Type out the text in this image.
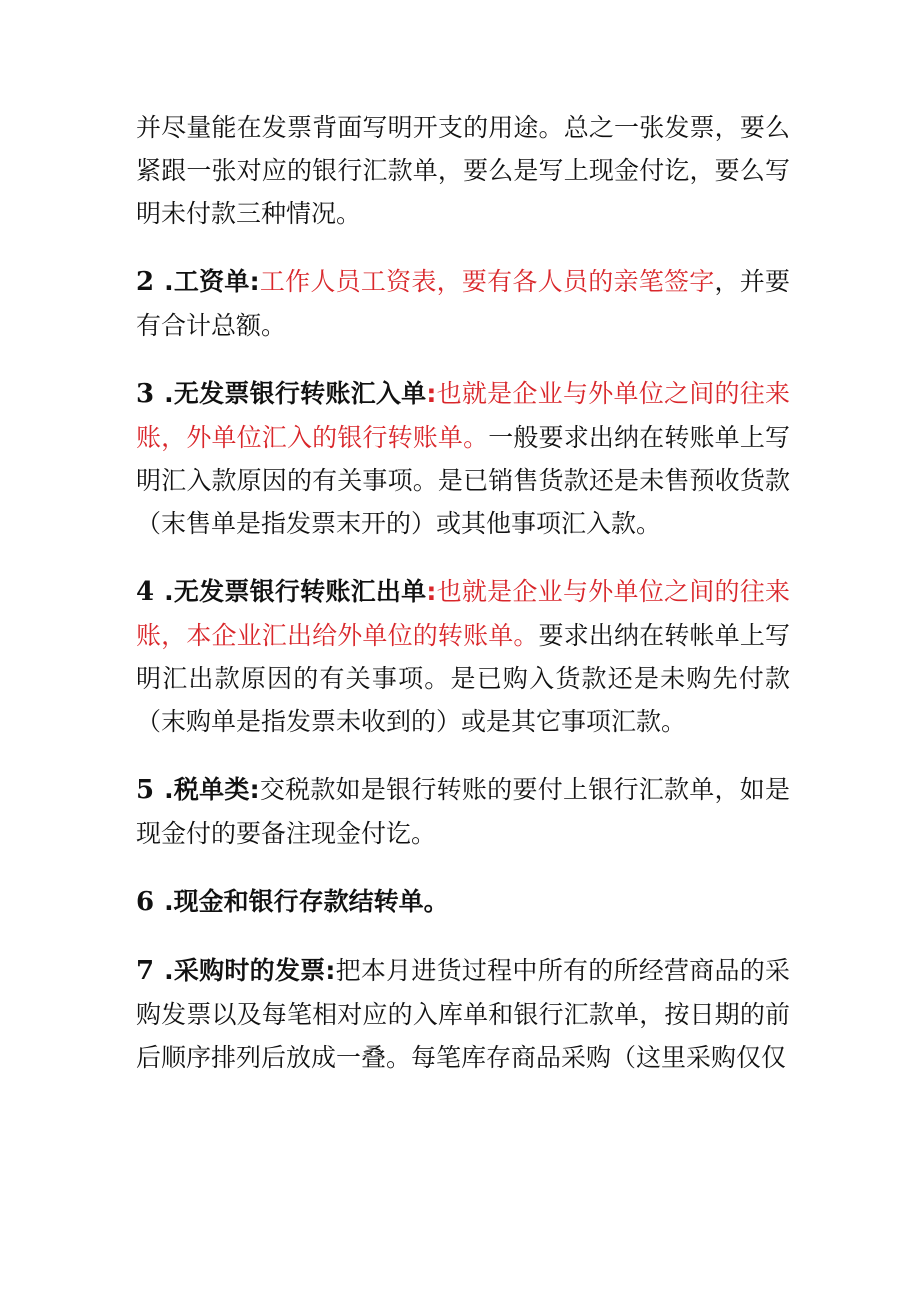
并尽量能在发票背面写明开支的用途。总之一张发票，要么紧跟一张对应的银行汇款单，要么是写上现金付讫，要么写明未付款三种情况。

2 .工资单:工作人员工资表，要有各人员的亲笔签字，并要有合计总额。

3 .无发票银行转账汇入单:也就是企业与外单位之间的往来账，外单位汇入的银行转账单。一般要求出纳在转账单上写明汇入款原因的有关事项。是已销售货款还是未售预收货款（末售单是指发票末开的）或其他事项汇入款。

4 .无发票银行转账汇出单:也就是企业与外单位之间的往来账，本企业汇出给外单位的转账单。要求出纳在转帐单上写明汇出款原因的有关事项。是已购入货款还是未购先付款（末购单是指发票未收到的）或是其它事项汇款。

5 .税单类:交税款如是银行转账的要付上银行汇款单，如是现金付的要备注现金付讫。

6 .现金和银行存款结转单。

7 .采购时的发票:把本月进货过程中所有的所经营商品的采购发票以及每笔相对应的入库单和银行汇款单，按日期的前后顺序排列后放成一叠。每笔库存商品采购（这里采购仅仅
